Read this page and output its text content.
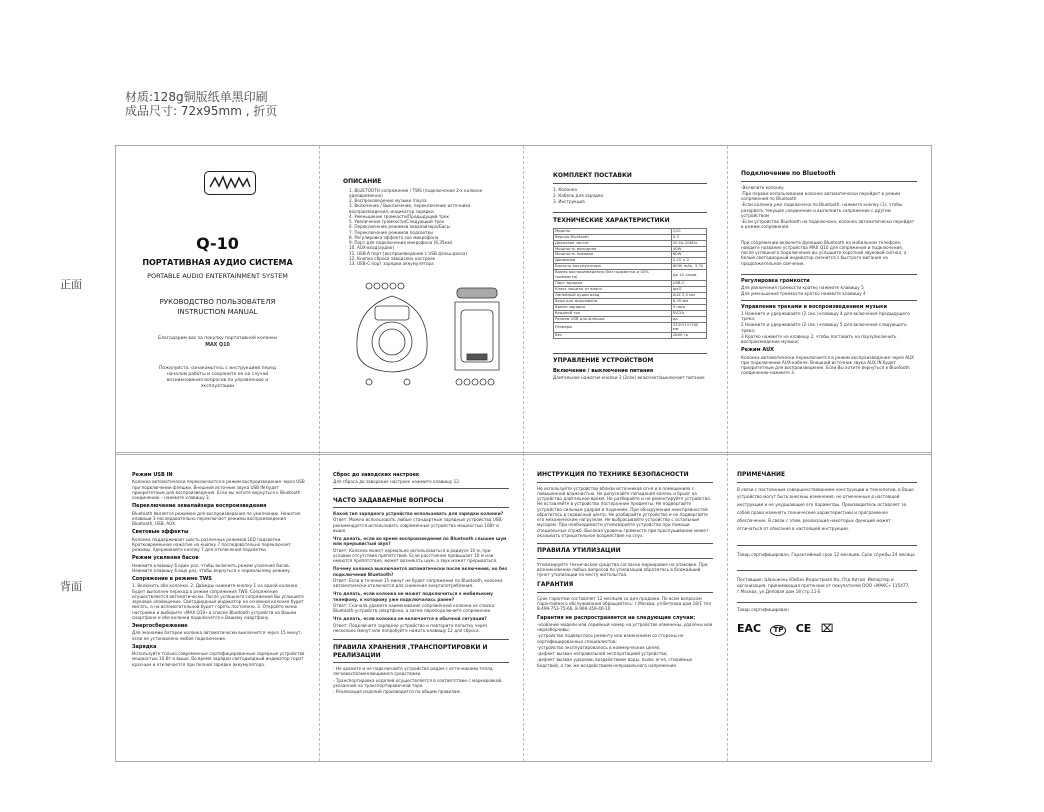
材质:128g铜版纸单黑印刷
成品尺寸: 72x95mm , 折页
正面
背面
Q-10
ПОРТАТИВНАЯ АУДИО СИСТЕМА
PORTABLE AUDIO ENTERTAINMENT SYSTEM
РУКОВОДСТВО ПОЛЬЗОВАТЕЛЯ
INSTRUCTION MANUAL
Благодарим вас за покупку портативной колонки
MAX Q10
Пожалуйста, ознакомьтесь с инструкцией перед началом работы и сохраните ее на случай возникновения вопросов по управлению и эксплуатации
ОПИСАНИЕ

1. BLUETOOTH сопряжение / TWS (подключение 2-х колонок одновременно)

2. Воспроизведение музыки /пауза

3. Включение / Выключение, переключение источника воспроизведения, индикатор зарядки

4. Уменьшение громкости/Предыдущий трек

5. Увеличение громкости/Следующий трек

6. Переключение режимов эквалайзера/Басы

7. Переключение режимов подсветки

8. Регулировка эффекта эхо микрофона

9. Порт для подключения микрофона (6,35мм)

10. AUX-вход(аудио)

11. USB-A порт (воспроизведение с USB флеш-диска)

12. Кнопка сброса заводских настроек

13. USB-C порт зарядки аккумулятора

КОМПЛЕКТ ПОСТАВКИ

1. Колонка

2. Кабель для зарядки

3. Инструкция

ТЕХНИЧЕСКИЕ ХАРАКТЕРИСТИКИ
Модель	Q10
Версия Bluetooth	5.3
Диапазон частот	50 Hz-20KHz
Мощность выходная	40W
Мощность пиковая	80W
Динамики	5.25 × 2
Ёмкость аккумулятора	8000 mAh, 3,7V
Время воспроизведения (без подсветки и 50% громкости)	До 10 часов
Порт зарядки	USB-C
Класс защиты от влаги	IpxО
Линейный аудио вход	AUX 3,5 мм
Вход для микрофона	6,35 мм
Время зарядки	4 часа
Входной ток	5V/2A
Разъем USB для флешки	да
Размеры	333*211*190 мм
Вес	2800 гр
УПРАВЛЕНИЕ УСТРОЙСТВОМ
Включение / выключение питания

Длительное нажатие кнопки 3 (2сек) включает/выключает питание

Подключение по Bluetooth

-Включите колонку

-При первом использовании колонка автоматически перейдет в режим сопряжения по Bluetooth

-Если колонка уже подключена по Bluetooth, нажмите кнопку (1), чтобы разорвать текущее соединение и выполнить сопряжение с другим устройством

-Если устройство Bluetooth не подключено, колонка автоматически перейдет в режим сопряжения.

При сопряжении включите функцию Bluetooth на мобильном телефоне, найдите название устройства MAX Q10 для сопряжения и подключения, после успешного подключения вы услышите короткий звуковой сигнал, а белый светодиодный индикатор сменится с быстрого мигания на продолжительное свечение.

Регулировка громкости

Для увеличения громкости кратко нажмите клавишу 5

Для уменьшения громкости кратко нажмите клавишу 4

Управление треками и воспроизведением музыки

1 Нажмите и удерживайте (2 сек.) клавишу 4 для включения предыдущего трека;

2 Нажмите и удерживайте (2 сек.) клавишу 5 для включения следующего трека;

3 Кратко нажмите на клавишу 2, чтобы поставить на паузу/включить воспроизведение музыки;

Режим AUX

Колонка автоматически переключается в режим воспроизведения через AUX при подключении AUX-кабеля. Внешний источник звука AUX IN будет приоритетным для воспроизведения. Если Вы хотите вернуться к Bluetooth соединению-нажмите 3.

Режим USB IN

Колонка автоматически переключается в режим воспроизведения через USB при подключении флешки. Внешний источник звука USB IN будет приоритетным для воспроизведения. Если вы хотите вернуться к Bluetooth соединению – нажмите клавишу 3.

Переключение эквалайзера воспроизведения

Bluetooth является режимом для воспроизведения по умолчанию. Нажатие клавиши 3 последовательно переключает режимы воспроизведения Bluetooth, USB, AUX.

Световые эффекты

Колонка поддерживает шесть различных режимов LED подсветки. Кратковременное нажатие на кнопку 7 последовательно переключает режимы. Удерживайте кнопку 7 для отключения подсветки.

Режим усиления басов

Нажмите клавишу 6 один раз, чтобы включить режим усиления басов. Нажмите клавишу 6 еще раз, чтобы вернуться к нормальному режиму.

Сопряжение в режиме TWS

1. Включить обе колонки. 2. Дважды нажмите кнопку 1 на одной колонке. Будет выполнен переход в режим сопряжения TWS. Сопряжение осуществляется автоматически. После успешного сопряжения Вы услышите звуковое оповещение. Светодиодный индикатор на основной колонке будет мигать, а на вспомогательной будет гореть постоянно. 3. Откройте меню настройки и выберите «MAX Q10» в списке Bluetooth устройств на Вашем смартфоне и обе колонки подключатся к Вашему смартфону.

Энергосбережение

Для экономии батареи колонка автоматически выключится через 15 минут, если не установлено любое подключение.

Зарядка

Используйте только современные сертифицированные зарядные устройства мощностью 10 Вт и выше. Во время зарядки светодиодный индикатор горит красным и отключается при полной зарядке аккумулятора.

Сброс до заводских настроек

Для сброса до заводских настроек нажмите клавишу 12.

ЧАСТО ЗАДАВАЕМЫЕ ВОПРОСЫ

Какой тип зарядного устройства использовать для зарядки колонки?

Ответ: Можно использовать любые стандартные зарядные устройства USB, рекомендуется использовать современные устройства мощностью 10Вт и выше.

Что делать, если во время воспроизведения по Bluetooth слышен шум или прерывистый звук?

Ответ: Колонка может нормально использоваться в радиусе 10 м, при условии отсутствия препятствий. Если расстояние превышает 10 м или имеются препятствия, может возникать шум, а звук может прерываться.

Почему колонка выключается автоматически после включения, но без подключения Bluetooth?

Ответ: Если в течение 15 минут не будет сопряжения по Bluetooth, колонка автоматически отключится для снижения энергопотребления.

Что делать, если колонка не может подключиться к мобильному телефону, к которому уже подключалась ранее?

Ответ: Сначала удалите наименование сопряжённой колонки из списка Bluetooth-устройств смартфона, а затем переподключите сопряжение.

Что делать, если колонка не включается в обычной ситуации?

Ответ: Подключите зарядное устройство и повторите попытку через несколько минут или попробуйте нажать клавишу 12 для сброса.

ПРАВИЛА ХРАНЕНИЯ ,ТРАНСПОРТИРОВКИ И РЕАЛИЗАЦИИ

- Не храните и не подключайте устройство рядом с источниками тепла, легковоспламеняющимися средствами.

- Транспортировка изделий осуществляется в соответствии с маркировкой, указанной на транспортировочной таре.

- Реализация изделий производится по общим правилам.

ИНСТРУКЦИЯ ПО ТЕХНИКЕ БЕЗОПАСНОСТИ

Не используйте устройство вблизи источников огня и в помещениях с повышенной влажностью. Не допускайте попадания капель и брызг на устройство длительное время. Не разбирайте и не ремонтируйте устройство. Не вставляйте в устройство посторонние предметы. Не подвергайте устройство сильным ударам и падениям. При обнаружении неисправностей обратитесь в сервисный центр. Не разбирайте устройство и не подвергайте его механическим нагрузкам. Не выбрасывайте устройство с остальным мусором. При необходимости утилизируйте устройство при помощи специальных служб. Высокая уровень громкости при прослушивании может оказывать отрицательное воздействие на слух.

ПРАВИЛА УТИЛИЗАЦИИ

Утилизируйте технические средства согласно маркировке на упаковке. При возникновении любых вопросов по утилизации обратитесь в ближайший пункт утилизации по месту жительства.

ГАРАНТИЯ

Срок гарантии составляет 12 месяцев со дня продажи. По всем вопросам гарантийного обслуживания обращайтесь: г.Москва, ул.Веткова дом 18/1 тел 8-499-753-75-66, 8-969-359-40-10

Гарантия не распространяется на следующие случаи:

-название модели или серийный номер на устройстве изменены, удалены или неразборчивы;

-устройство подверглось ремонту или изменениям со стороны не сертифицированных специалистов;

-устройство эксплуатировалось в коммерческих целях;

-дефект вызван неправильной эксплуатацией устройства;

-дефект вызван ударами, воздействием воды, пыли, огня, стихийных бедствий, а так же воздействием неправильного напряжения.

ПРИМЕЧАНИЕ

В связи с постоянным совершенствованием конструкции и технологии, в Ваше устройство могут быть внесены изменения, не отмеченные в настоящей инструкции и не ухудшающие его параметры. Производитель оставляет за собой право изменять технические характеристики и программное обеспечение. В связи с этим, реализация некоторых функций может отличаться от описания в настоящей инструкции.

Товар сертифицирован. Гарантийный срок 12 месяцев. Срок службы 24 месяца

Поставщик: Шаньжэнь Юнбэн Индастриал Ко.,Лтд Китай. Импортер и организация, принимающая претензии от покупателей ООО «МАКС» 115477, г.Москва, ул.Деловая дом 18 стр.11-E

Товар сертифицирован

EAC TP CE ⌧
